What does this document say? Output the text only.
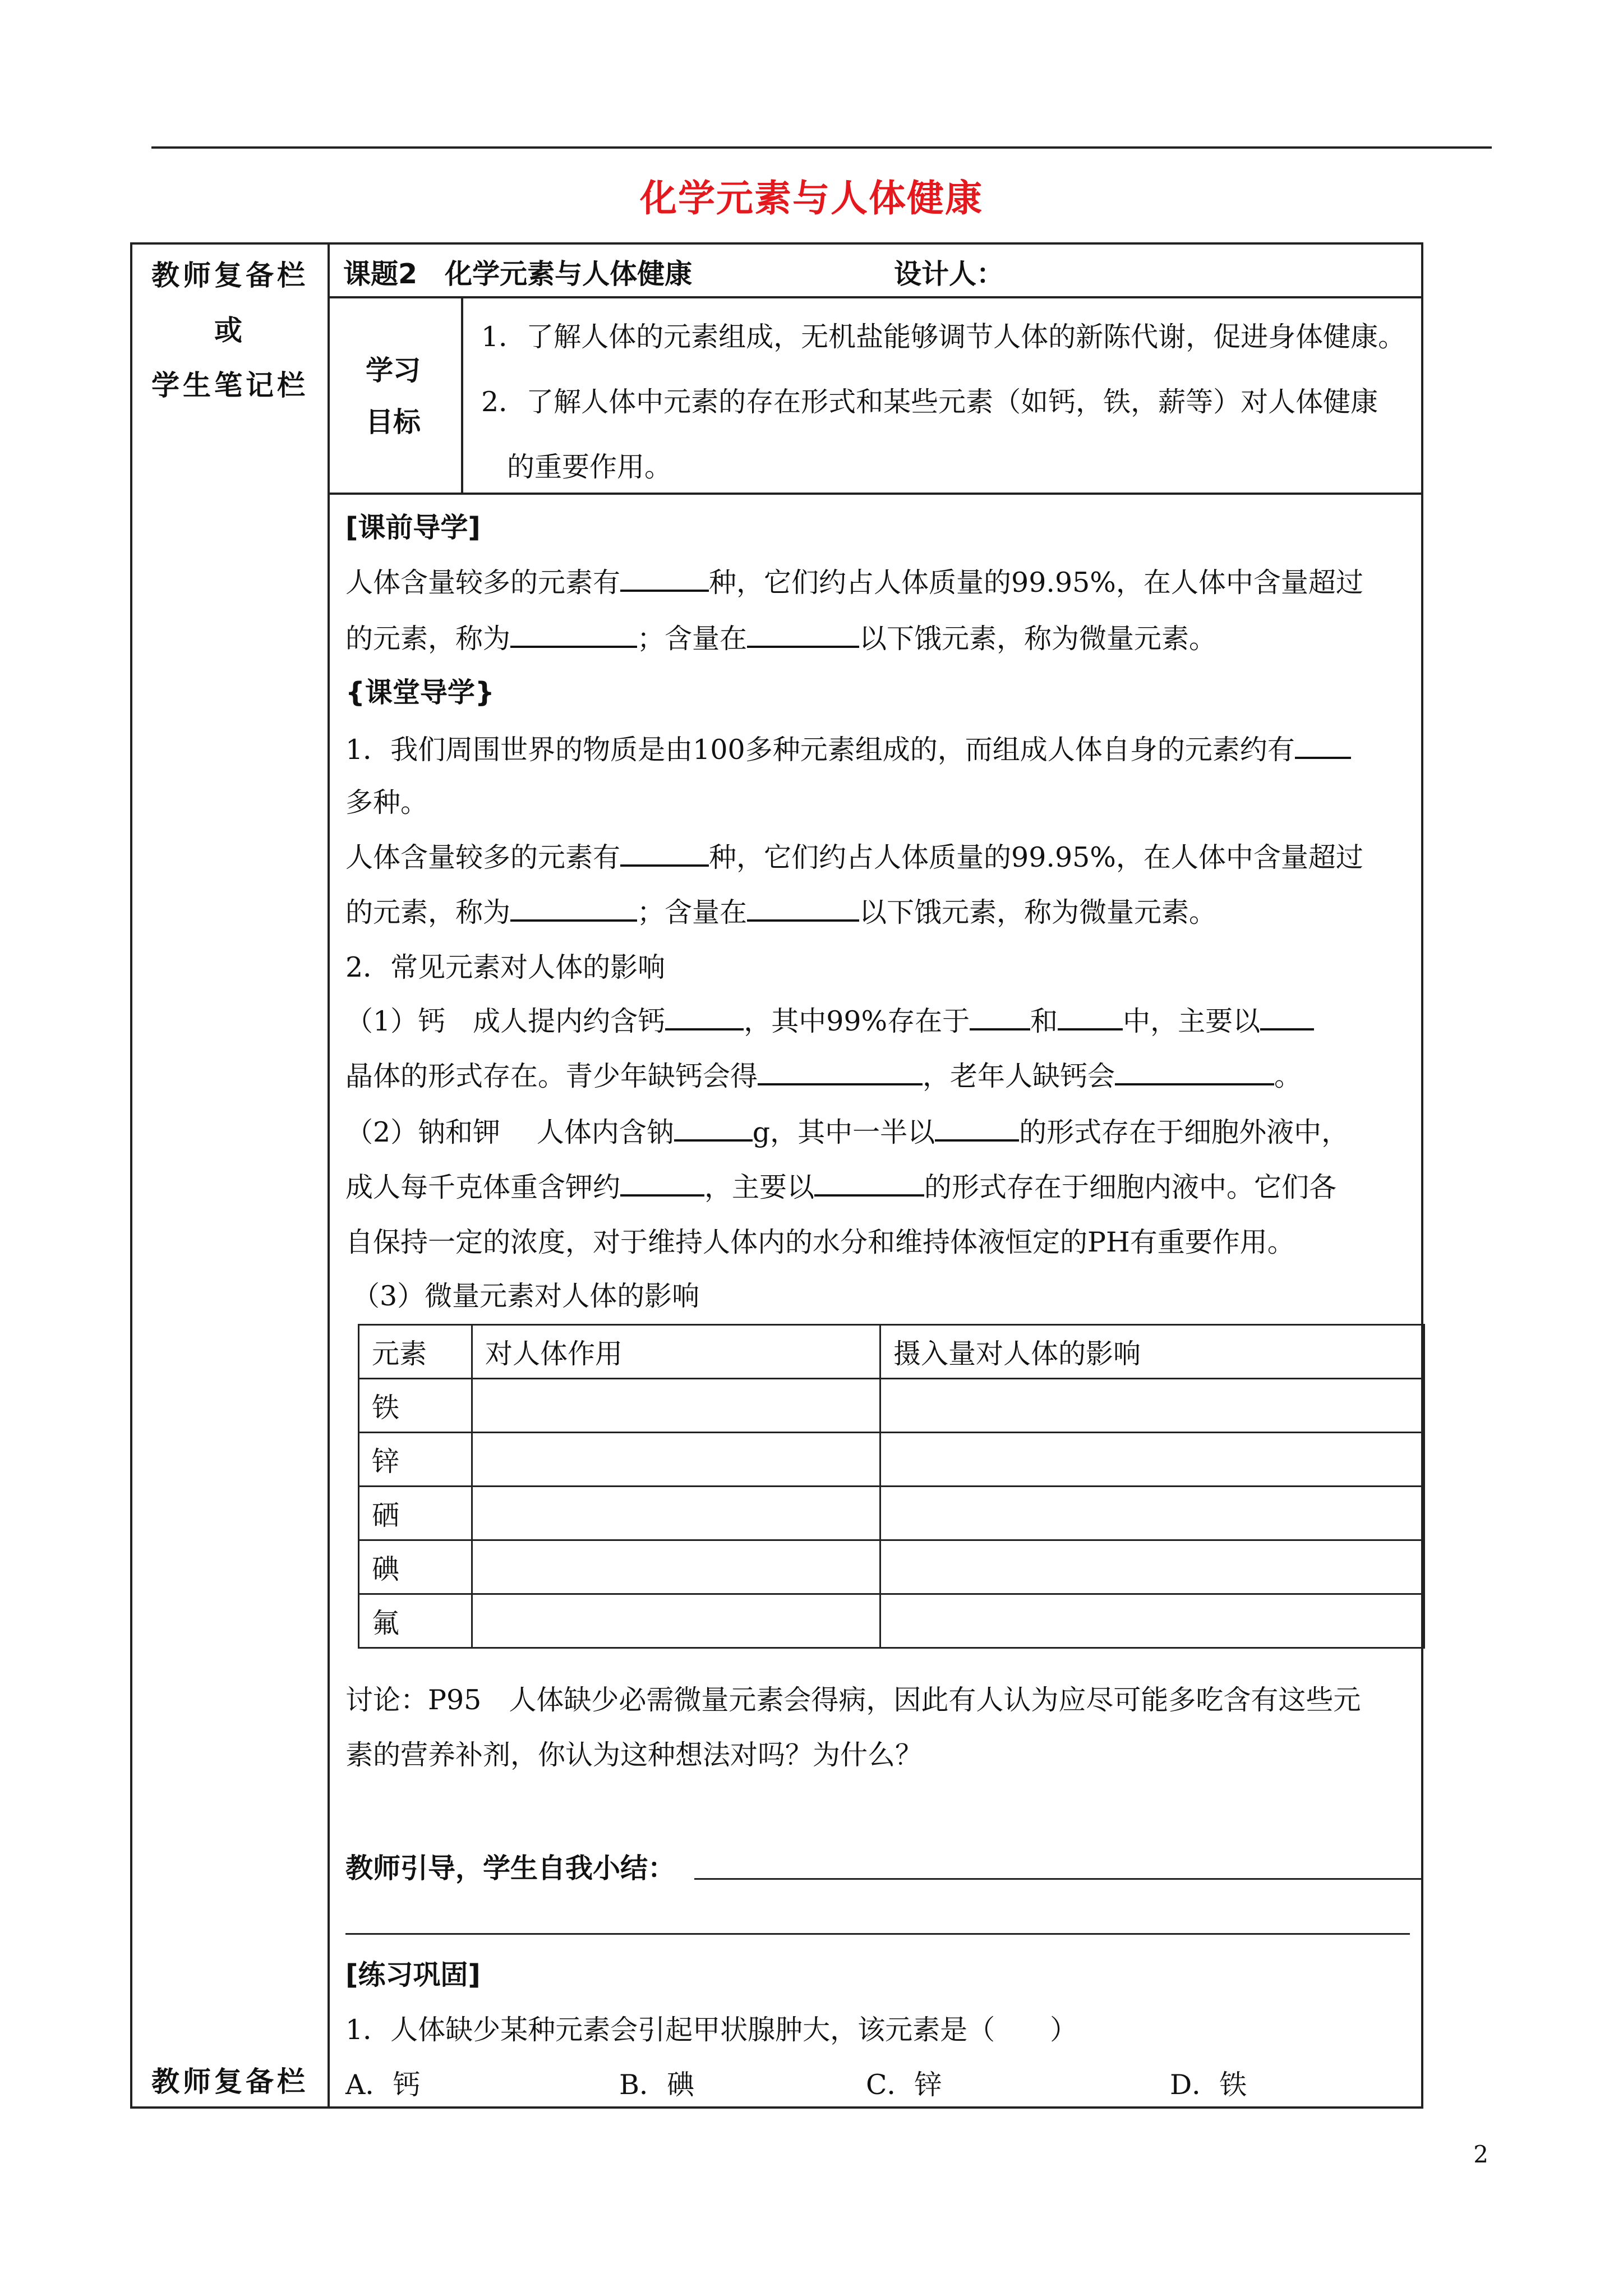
化学元素与人体健康
教师复备栏
或
学生笔记栏
教师复备栏
课题2　化学元素与人体健康	设计人：
学习
目标
1．了解人体的元素组成，无机盐能够调节人体的新陈代谢，促进身体健康。
2．了解人体中元素的存在形式和某些元素（如钙，铁，薪等）对人体健康
的重要作用。
[课前导学]
人体含量较多的元素有	种，它们约占人体质量的99.95%，在人体中含量超过
的元素，称为	；含量在	以下饿元素，称为微量元素。
{课堂导学}
1．我们周围世界的物质是由100多种元素组成的，而组成人体自身的元素约有
多种。
人体含量较多的元素有	种，它们约占人体质量的99.95%，在人体中含量超过
的元素，称为	；含量在	以下饿元素，称为微量元素。
2．常见元素对人体的影响
（1）钙　成人提内约含钙	，其中99%存在于 和 中，主要以
晶体的形式存在。青少年缺钙会得	，老年人缺钙会	。
（2）钠和钾　 人体内含钠	g，其中一半以	的形式存在于细胞外液中，
成人每千克体重含钾约	，主要以	的形式存在于细胞内液中。它们各
自保持一定的浓度，对于维持人体内的水分和维持体液恒定的PH有重要作用。
（3）微量元素对人体的影响
元素	对人体作用	摄入量对人体的影响
铁		
锌		
硒		
碘		
氟		
讨论：P95　人体缺少必需微量元素会得病，因此有人认为应尽可能多吃含有这些元
素的营养补剂，你认为这种想法对吗？为什么？
教师引导，学生自我小结：
[练习巩固]
1．人体缺少某种元素会引起甲状腺肿大，该元素是（　　）
A．钙	B．碘	C．锌	D．铁
2
